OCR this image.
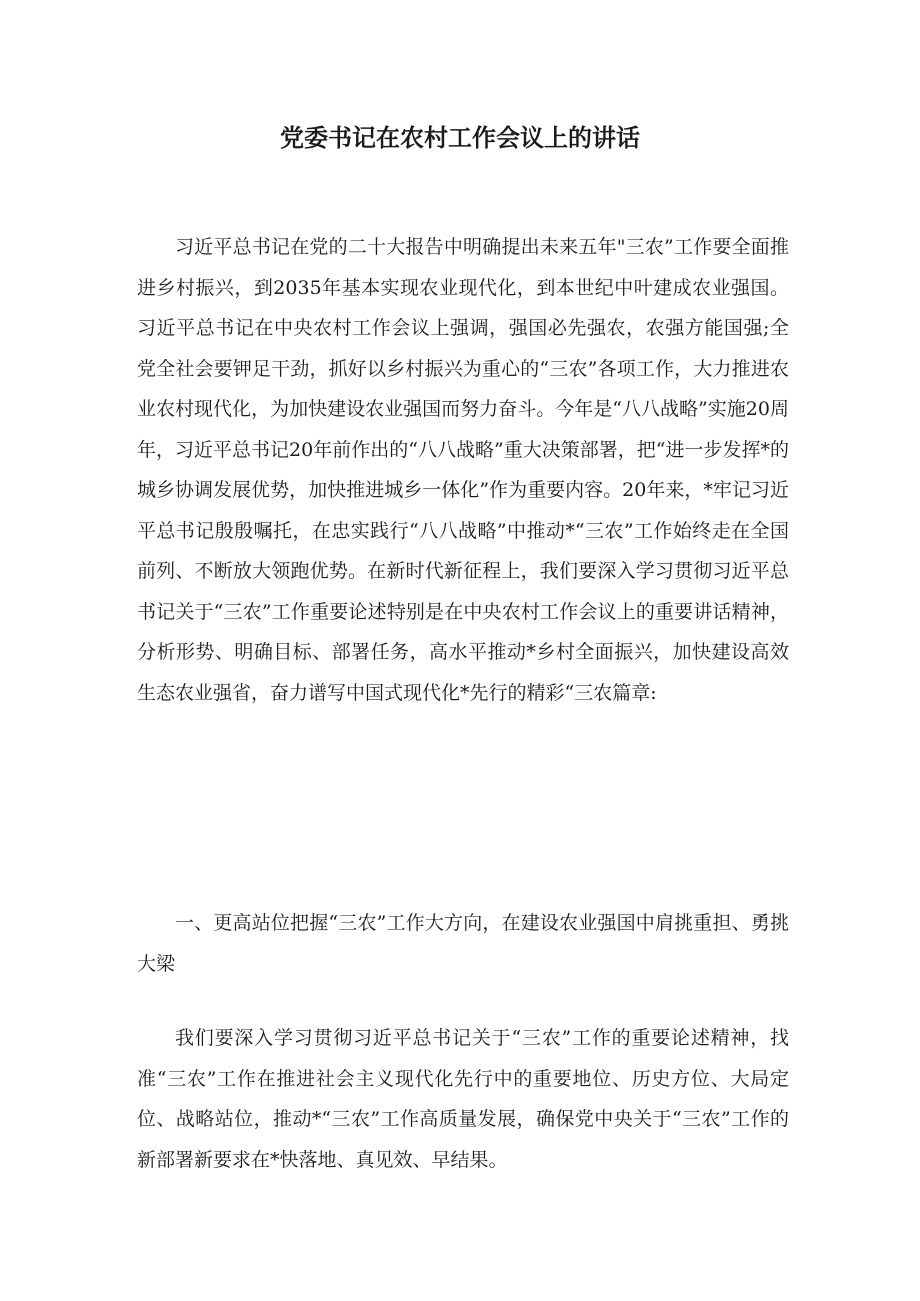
党委书记在农村工作会议上的讲话

习近平总书记在党的二十大报告中明确提出未来五年"三农”工作要全面推进乡村振兴，到2035年基本实现农业现代化，到本世纪中叶建成农业强国。习近平总书记在中央农村工作会议上强调，强国必先强农，农强方能国强;全党全社会要钾足干劲，抓好以乡村振兴为重心的“三农”各项工作，大力推进农业农村现代化，为加快建设农业强国而努力奋斗。今年是“八八战略”实施20周年，习近平总书记20年前作出的“八八战略”重大决策部署，把“进一步发挥*的城乡协调发展优势，加快推进城乡一体化”作为重要内容。20年来，*牢记习近平总书记殷殷嘱托，在忠实践行“八八战略”中推动*“三农”工作始终走在全国前列、不断放大领跑优势。在新时代新征程上，我们要深入学习贯彻习近平总书记关于“三农”工作重要论述特别是在中央农村工作会议上的重要讲话精神，分析形势、明确目标、部署任务，高水平推动*乡村全面振兴，加快建设高效生态农业强省，奋力谱写中国式现代化*先行的精彩“三农篇章:

一、更高站位把握“三农”工作大方向，在建设农业强国中肩挑重担、勇挑大梁

我们要深入学习贯彻习近平总书记关于“三农”工作的重要论述精神，找准“三农”工作在推进社会主义现代化先行中的重要地位、历史方位、大局定位、战略站位，推动*“三农”工作高质量发展，确保党中央关于“三农”工作的新部署新要求在*快落地、真见效、早结果。
